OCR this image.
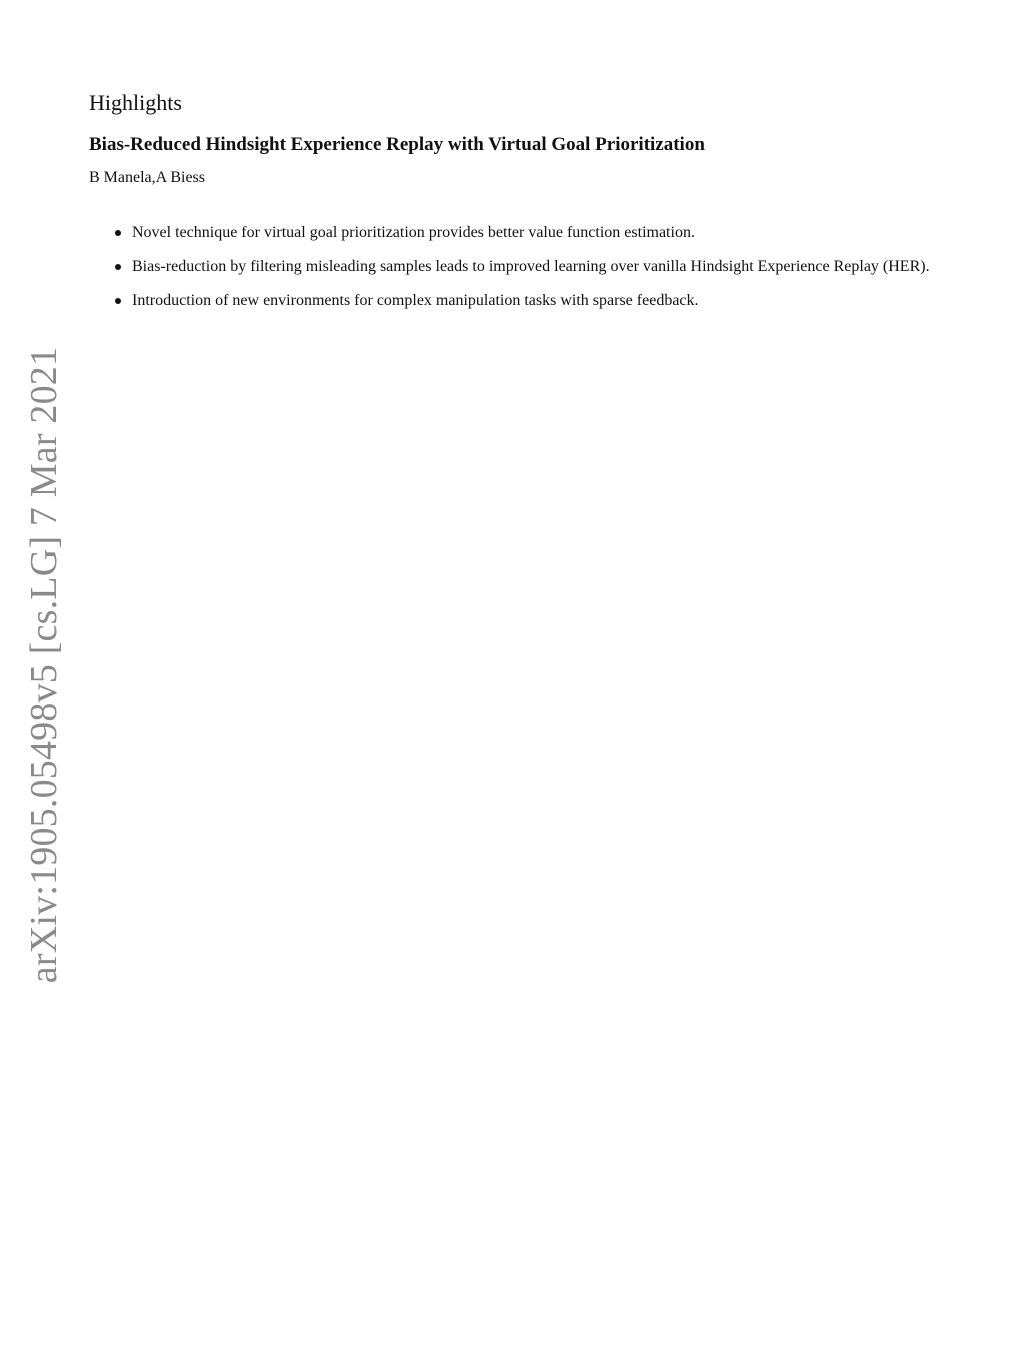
arXiv:1905.05498v5 [cs.LG] 7 Mar 2021
Highlights
Bias-Reduced Hindsight Experience Replay with Virtual Goal Prioritization

B Manela,A Biess

Novel technique for virtual goal prioritization provides better value function estimation.
Bias-reduction by filtering misleading samples leads to improved learning over vanilla Hindsight Experience Replay (HER).
Introduction of new environments for complex manipulation tasks with sparse feedback.
